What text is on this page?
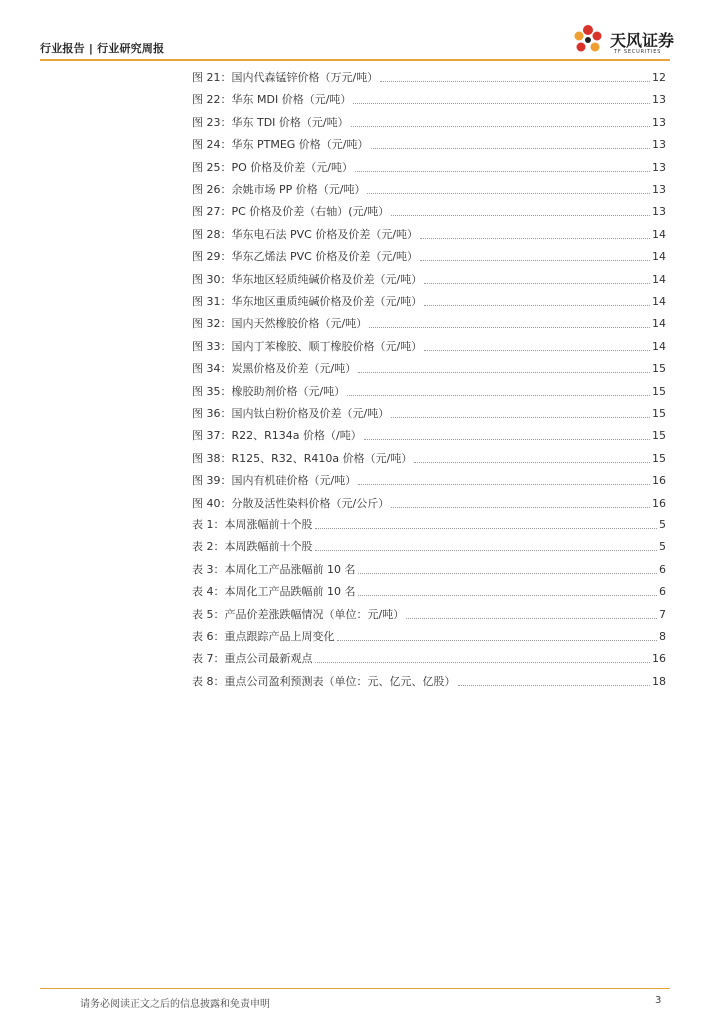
行业报告 | 行业研究周报	天风证券
TF SECURITIES
图 21：国内代森锰锌价格（万元/吨）	12
图 22：华东 MDI 价格（元/吨）	13
图 23：华东 TDI 价格（元/吨）	13
图 24：华东 PTMEG 价格（元/吨）	13
图 25：PO 价格及价差（元/吨）	13
图 26：余姚市场 PP 价格（元/吨）	13
图 27：PC 价格及价差（右轴）(元/吨）	13
图 28：华东电石法 PVC 价格及价差（元/吨）	14
图 29：华东乙烯法 PVC 价格及价差（元/吨）	14
图 30：华东地区轻质纯碱价格及价差（元/吨）	14
图 31：华东地区重质纯碱价格及价差（元/吨）	14
图 32：国内天然橡胶价格（元/吨）	14
图 33：国内丁苯橡胶、顺丁橡胶价格（元/吨）	14
图 34：炭黑价格及价差（元/吨）	15
图 35：橡胶助剂价格（元/吨）	15
图 36：国内钛白粉价格及价差（元/吨）	15
图 37：R22、R134a 价格（/吨）	15
图 38：R125、R32、R410a 价格（元/吨）	15
图 39：国内有机硅价格（元/吨）	16
图 40：分散及活性染料价格（元/公斤）	16
表 1：本周涨幅前十个股	5
表 2：本周跌幅前十个股	5
表 3：本周化工产品涨幅前 10 名	6
表 4：本周化工产品跌幅前 10 名	6
表 5：产品价差涨跌幅情况（单位：元/吨）	7
表 6：重点跟踪产品上周变化	8
表 7：重点公司最新观点	16
表 8：重点公司盈利预测表（单位：元、亿元、亿股）	18
请务必阅读正文之后的信息披露和免责申明	3
